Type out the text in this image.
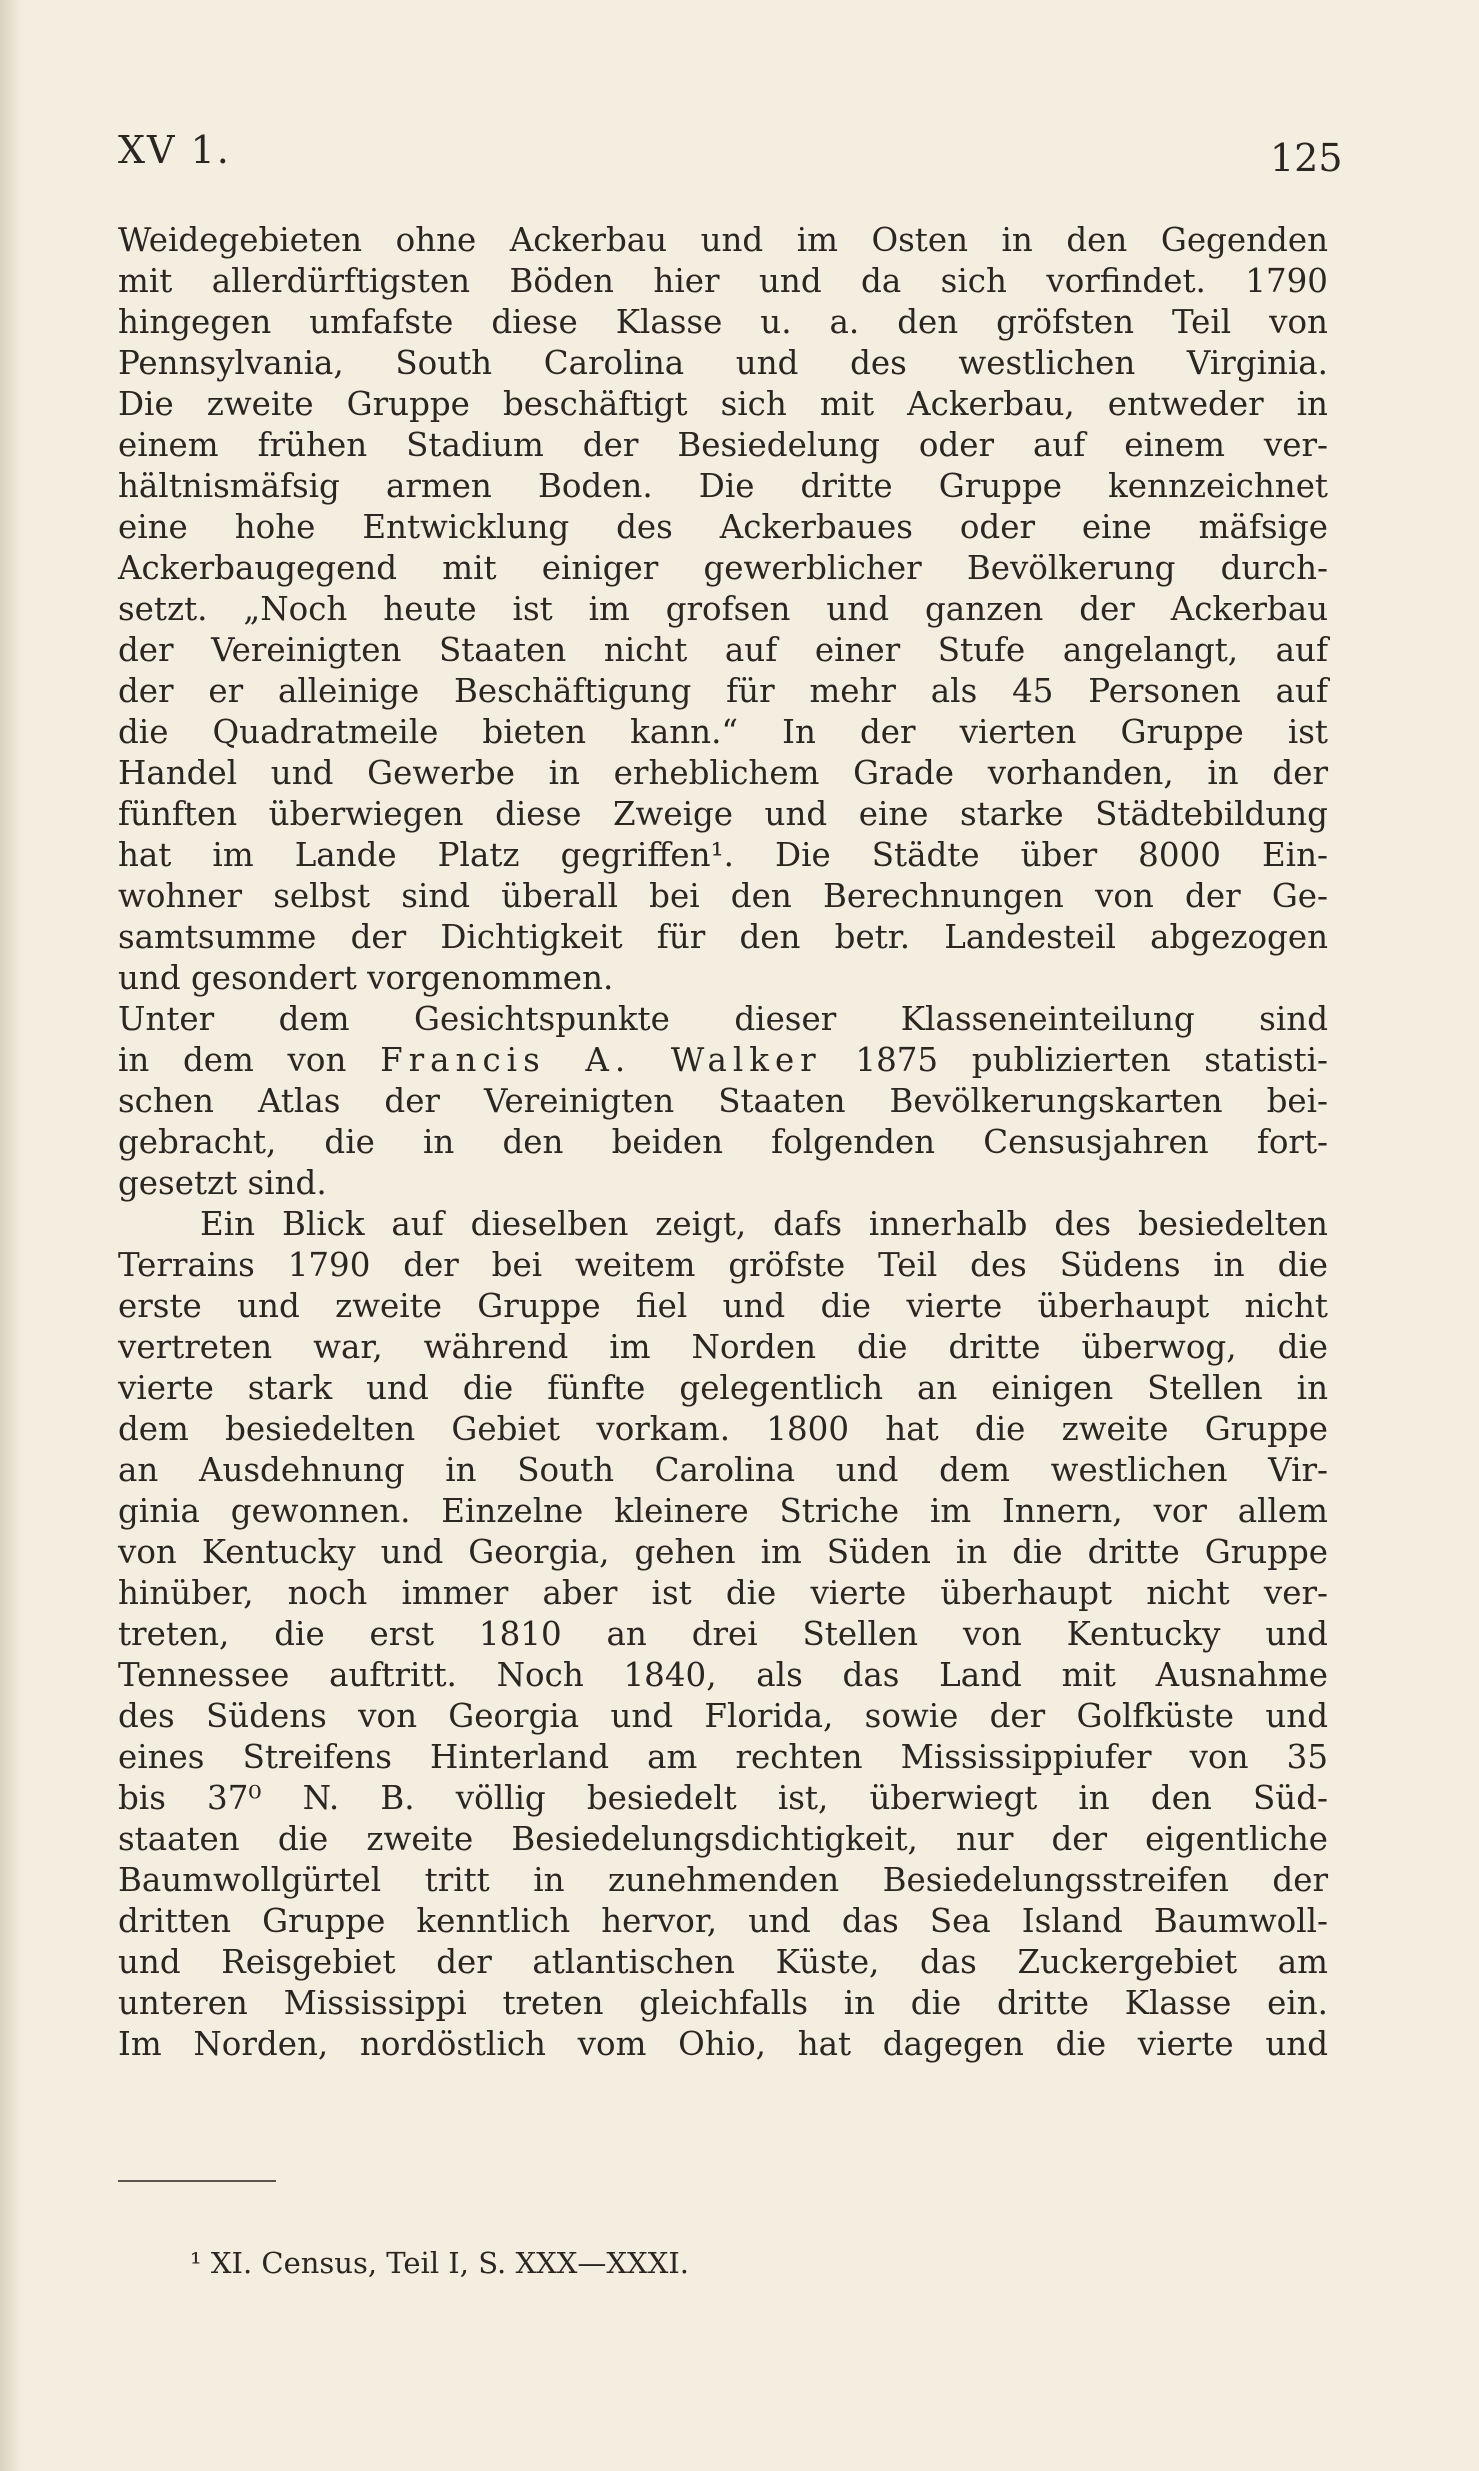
XV 1.	125
Weidegebieten ohne Ackerbau und im Osten in den Gegenden
mit allerdürftigsten Böden hier und da sich vorfindet. 1790
hingegen umfafste diese Klasse u. a. den gröfsten Teil von
Pennsylvania, South Carolina und des westlichen Virginia.
Die zweite Gruppe beschäftigt sich mit Ackerbau, entweder in
einem frühen Stadium der Besiedelung oder auf einem ver-
hältnismäfsig armen Boden. Die dritte Gruppe kennzeichnet
eine hohe Entwicklung des Ackerbaues oder eine mäfsige
Ackerbaugegend mit einiger gewerblicher Bevölkerung durch-
setzt. „Noch heute ist im grofsen und ganzen der Ackerbau
der Vereinigten Staaten nicht auf einer Stufe angelangt, auf
der er alleinige Beschäftigung für mehr als 45 Personen auf
die Quadratmeile bieten kann.“ In der vierten Gruppe ist
Handel und Gewerbe in erheblichem Grade vorhanden, in der
fünften überwiegen diese Zweige und eine starke Städtebildung
hat im Lande Platz gegriffen¹. Die Städte über 8000 Ein-
wohner selbst sind überall bei den Berechnungen von der Ge-
samtsumme der Dichtigkeit für den betr. Landesteil abgezogen
und gesondert vorgenommen.
Unter dem Gesichtspunkte dieser Klasseneinteilung sind
in dem von Francis A. Walker 1875 publizierten statisti-
schen Atlas der Vereinigten Staaten Bevölkerungskarten bei-
gebracht, die in den beiden folgenden Censusjahren fort-
gesetzt sind.
Ein Blick auf dieselben zeigt, dafs innerhalb des besiedelten
Terrains 1790 der bei weitem gröfste Teil des Südens in die
erste und zweite Gruppe fiel und die vierte überhaupt nicht
vertreten war, während im Norden die dritte überwog, die
vierte stark und die fünfte gelegentlich an einigen Stellen in
dem besiedelten Gebiet vorkam. 1800 hat die zweite Gruppe
an Ausdehnung in South Carolina und dem westlichen Vir-
ginia gewonnen. Einzelne kleinere Striche im Innern, vor allem
von Kentucky und Georgia, gehen im Süden in die dritte Gruppe
hinüber, noch immer aber ist die vierte überhaupt nicht ver-
treten, die erst 1810 an drei Stellen von Kentucky und
Tennessee auftritt. Noch 1840, als das Land mit Ausnahme
des Südens von Georgia und Florida, sowie der Golfküste und
eines Streifens Hinterland am rechten Mississippiufer von 35
bis 37⁰ N. B. völlig besiedelt ist, überwiegt in den Süd-
staaten die zweite Besiedelungsdichtigkeit, nur der eigentliche
Baumwollgürtel tritt in zunehmenden Besiedelungsstreifen der
dritten Gruppe kenntlich hervor, und das Sea Island Baumwoll-
und Reisgebiet der atlantischen Küste, das Zuckergebiet am
unteren Mississippi treten gleichfalls in die dritte Klasse ein.
Im Norden, nordöstlich vom Ohio, hat dagegen die vierte und
¹ XI. Census, Teil I, S. XXX—XXXI.
